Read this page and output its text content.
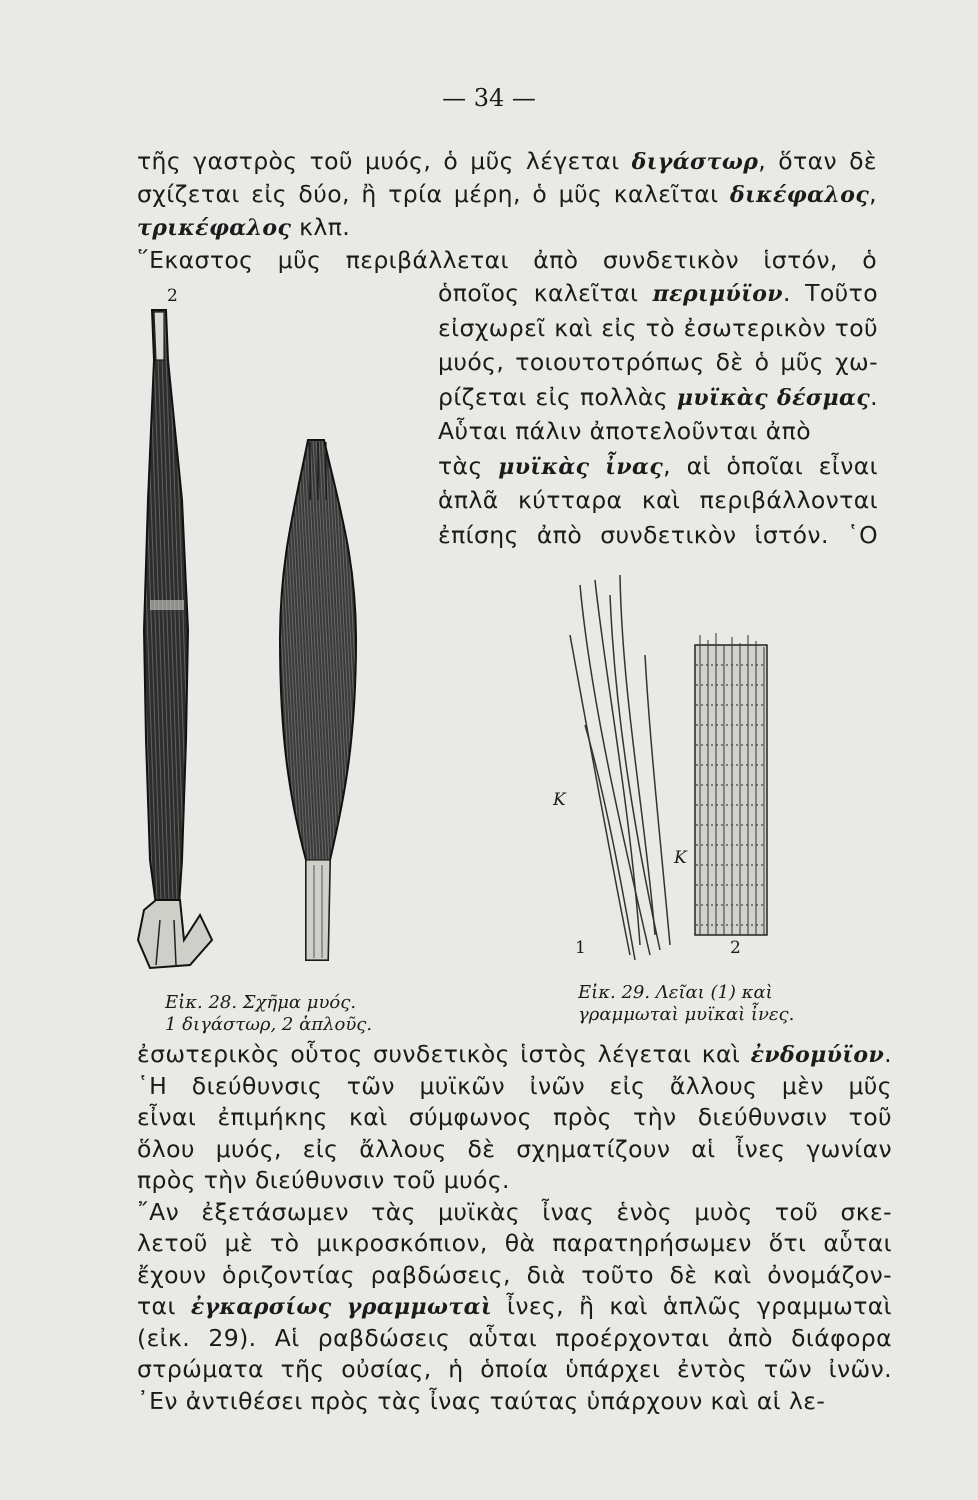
— 34 —
τῆς γαστρὸς τοῦ μυός, ὁ μῦς λέγεται διγάστωρ, ὅταν δὲ
σχίζεται εἰς δύο, ἢ τρία μέρη, ὁ μῦς καλεῖται δικέφαλος,
τρικέφαλος κλπ.
῞Εκαστος μῦς περιβάλλεται ἀπὸ συνδετικὸν ἱστόν, ὁ
ὁποῖος καλεῖται περιμύϊον. Τοῦτο
εἰσχωρεῖ καὶ εἰς τὸ ἐσωτερικὸν τοῦ
μυός, τοιουτοτρόπως δὲ ὁ μῦς χω-
ρίζεται εἰς πολλὰς μυϊκὰς δέσμας.
Αὗται πάλιν ἀποτελοῦνται ἀπὸ
τὰς μυϊκὰς ἶνας, αἱ ὁποῖαι εἶναι
ἁπλᾶ κύτταρα καὶ περιβάλλονται
ἐπίσης ἀπὸ συνδετικὸν ἱστόν. ῾Ο
ἐσωτερικὸς οὗτος συνδετικὸς ἱστὸς λέγεται καὶ ἐνδομύϊον.
῾Η διεύθυνσις τῶν μυϊκῶν ἰνῶν εἰς ἄλλους μὲν μῦς
εἶναι ἐπιμήκης καὶ σύμφωνος πρὸς τὴν διεύθυνσιν τοῦ
ὅλου μυός, εἰς ἄλλους δὲ σχηματίζουν αἱ ἶνες γωνίαν
πρὸς τὴν διεύθυνσιν τοῦ μυός.
῎Αν ἐξετάσωμεν τὰς μυϊκὰς ἶνας ἑνὸς μυὸς τοῦ σκε-
λετοῦ μὲ τὸ μικροσκόπιον, θὰ παρατηρήσωμεν ὅτι αὗται
ἔχουν ὁριζοντίας ραβδώσεις, διὰ τοῦτο δὲ καὶ ὀνομάζον-
ται ἐγκαρσίως γραμμωταὶ ἶνες, ἢ καὶ ἁπλῶς γραμμωταὶ
(εἰκ. 29). Αἱ ραβδώσεις αὗται προέρχονται ἀπὸ διάφορα
στρώματα τῆς οὐσίας, ἡ ὁποία ὑπάρχει ἐντὸς τῶν ἰνῶν.
᾿Εν ἀντιθέσει πρὸς τὰς ἶνας ταύτας ὑπάρχουν καὶ αἱ λε-
2
Εἰκ. 28. Σχῆμα μυός.
1 διγάστωρ, 2 ἁπλοῦς.
K
K
1	2
Εἰκ. 29. Λεῖαι (1) καὶ
γραμμωταὶ μυϊκαὶ ἶνες.
